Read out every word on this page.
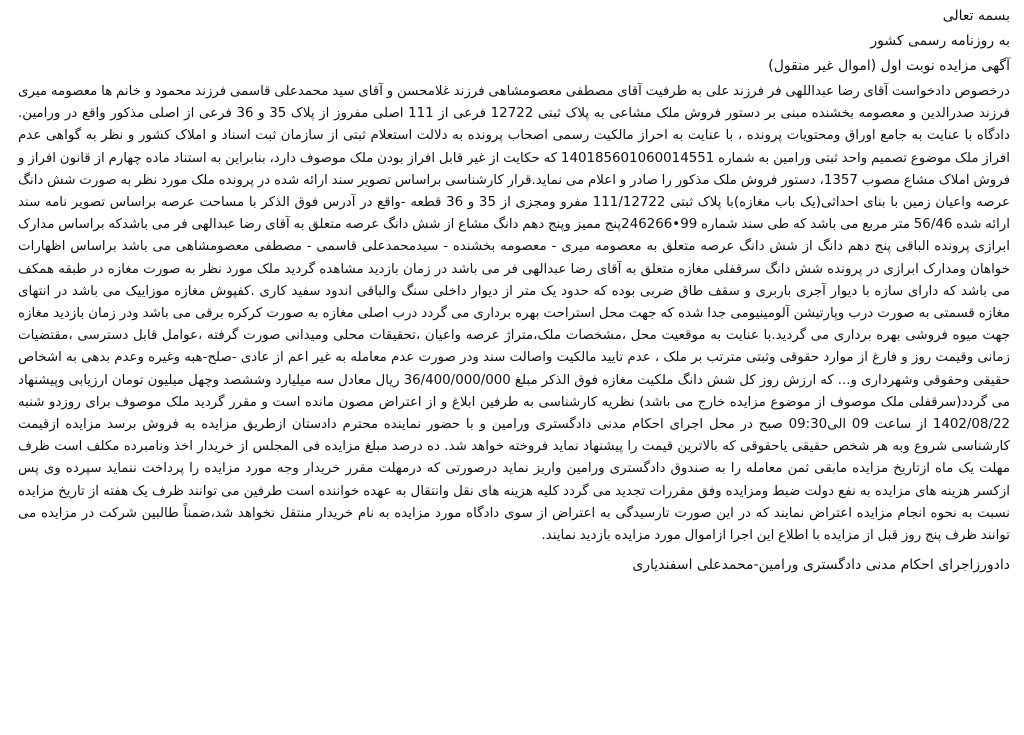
بسمه تعالی

به روزنامه رسمی کشور

آگهی مزایده نوبت اول (اموال غیر منقول)

درخصوص دادخواست آقای رضا عبداللهی فر فرزند علی به طرفیت آقای مصطفی معصومشاهی فرزند غلامحسن و آقای سید محمدعلی قاسمی فرزند محمود و خانم ها معصومه میری فرزند صدرالدین و معصومه بخشنده مبنی بر دستور فروش ملک مشاعی به پلاک ثبتی 12722 فرعی از 111 اصلی مفروز از پلاک 35 و 36 فرعی از اصلی مذکور واقع در ورامین. دادگاه با عنایت به جامع اوراق ومحتویات پرونده ، با عنایت به احراز مالکیت رسمی اصحاب پرونده به دلالت استعلام ثبتی از سازمان ثبت اسناد و املاک کشور و نظر به گواهی عدم افراز ملک موضوع تصمیم واحد ثبتی ورامین به شماره 140185601060014551 که حکایت از غیر قابل افراز بودن ملک موصوف دارد، بنابراین به استناد ماده چهارم از قانون افراز و فروش املاک مشاع مصوب 1357، دستور فروش ملک مذکور را صادر و اعلام می نماید.قرار کارشناسی براساس تصویر سند ارائه شده در پرونده ملک مورد نظر به صورت شش دانگ عرصه واعیان زمین با بنای احداثی(یک باب مغازه)با پلاک ثبتی 111/12722 مفرو ومجزی از 35 و 36 قطعه -واقع در آدرس فوق الذکر با مساحت عرصه براساس تصویر نامه سند ارائه شده 56/46 متر مربع می باشد که طی سند شماره 99•246266پنج ممیز وپنج دهم دانگ مشاع از شش دانگ عرصه متعلق به آقای رضا عبدالهی فر می باشدکه براساس مدارک ابرازی پرونده الباقی پنج دهم دانگ از شش دانگ عرصه متعلق به معصومه میری - معصومه بخشنده - سیدمحمدعلی قاسمی - مصطفی معصومشاهی می باشد براساس اظهارات خواهان ومدارک ابرازی در پرونده شش دانگ سرقفلی مغازه متعلق به آقای رضا عبدالهی فر می باشد در زمان بازدید مشاهده گردید ملک مورد نظر به صورت مغازه در طبقه همکف می باشد که دارای سازه با دیوار آجری باربری و سقف طاق ضربی بوده که حدود یک متر از دیوار داخلی سنگ والباقی اندود سفید کاری .کفپوش مغازه موزاییک می باشد در انتهای مغازه قسمتی به صورت درب وپارتیشن آلومینیومی جدا شده که جهت محل استراحت بهره برداری می گردد درب اصلی مغازه به صورت کرکره برقی می باشد ودر زمان بازدید مغازه جهت میوه فروشی بهره برداری می گردید.با عنایت به موقعیت محل ،مشخصات ملک،متراژ عرصه واعیان ،تحقیقات محلی ومیدانی صورت گرفته ،عوامل قابل دسترسی ،مقتضیات زمانی وقیمت روز و فارغ از موارد حقوقی وثبتی مترتب بر ملک ، عدم تایید مالکیت واصالت سند ودر صورت عدم معامله به غیر اعم از عادی -صلح-هبه وغیره وعدم بدهی به اشخاص حقیقی وحقوقی وشهرداری و... که ارزش روز کل شش دانگ ملکیت مغازه فوق الذکر مبلغ 36/400/000/000 ریال معادل سه میلیارد وششصد وچهل میلیون تومان ارزیابی وپیشنهاد می گردد(سرقفلی ملک موصوف از موضوع مزایده خارج می باشد) نظریه کارشناسی به طرفین ابلاغ و از اعتراض مصون مانده است و مقرر گردید ملک موصوف برای روزدو شنبه 1402/08/22 از ساعت 09 الی09:30 صبح در محل اجرای احکام مدنی دادگستری ورامین و با حضور نماینده محترم دادستان ازطریق مزایده به فروش برسد مزایده ازقیمت کارشناسی شروع وبه هر شخص حقیقی یاحقوقی که بالاترین قیمت را پیشنهاد نماید فروخته خواهد شد. ده درصد مبلغ مزایده فی المجلس از خریدار اخذ ونامبرده مکلف است ظرف مهلت یک ماه ازتاریخ مزایده مابقی ثمن معامله را به صندوق دادگستری ورامین واریز نماید درصورتی که درمهلت مقرر خریدار وجه مورد مزایده را پرداخت ننماید سپرده وی پس ازکسر هزینه های مزایده به نفع دولت ضبط ومزایده وفق مقررات تجدید می گردد کلیه هزینه های نقل وانتقال به عهده خواننده است طرفین می توانند ظرف یک هفته از تاریخ مزایده نسبت به نحوه انجام مزایده اعتراض نمایند که در این صورت تارسیدگی به اعتراض از سوی دادگاه مورد مزایده به نام خریدار منتقل نخواهد شد،ضمناً طالبین شرکت در مزایده می توانند ظرف پنج روز قبل از مزایده با اطلاع این اجرا ازاموال مورد مزایده بازدید نمایند.

دادورزاجرای احکام مدنی دادگستری ورامین-محمدعلی اسفندیاری
